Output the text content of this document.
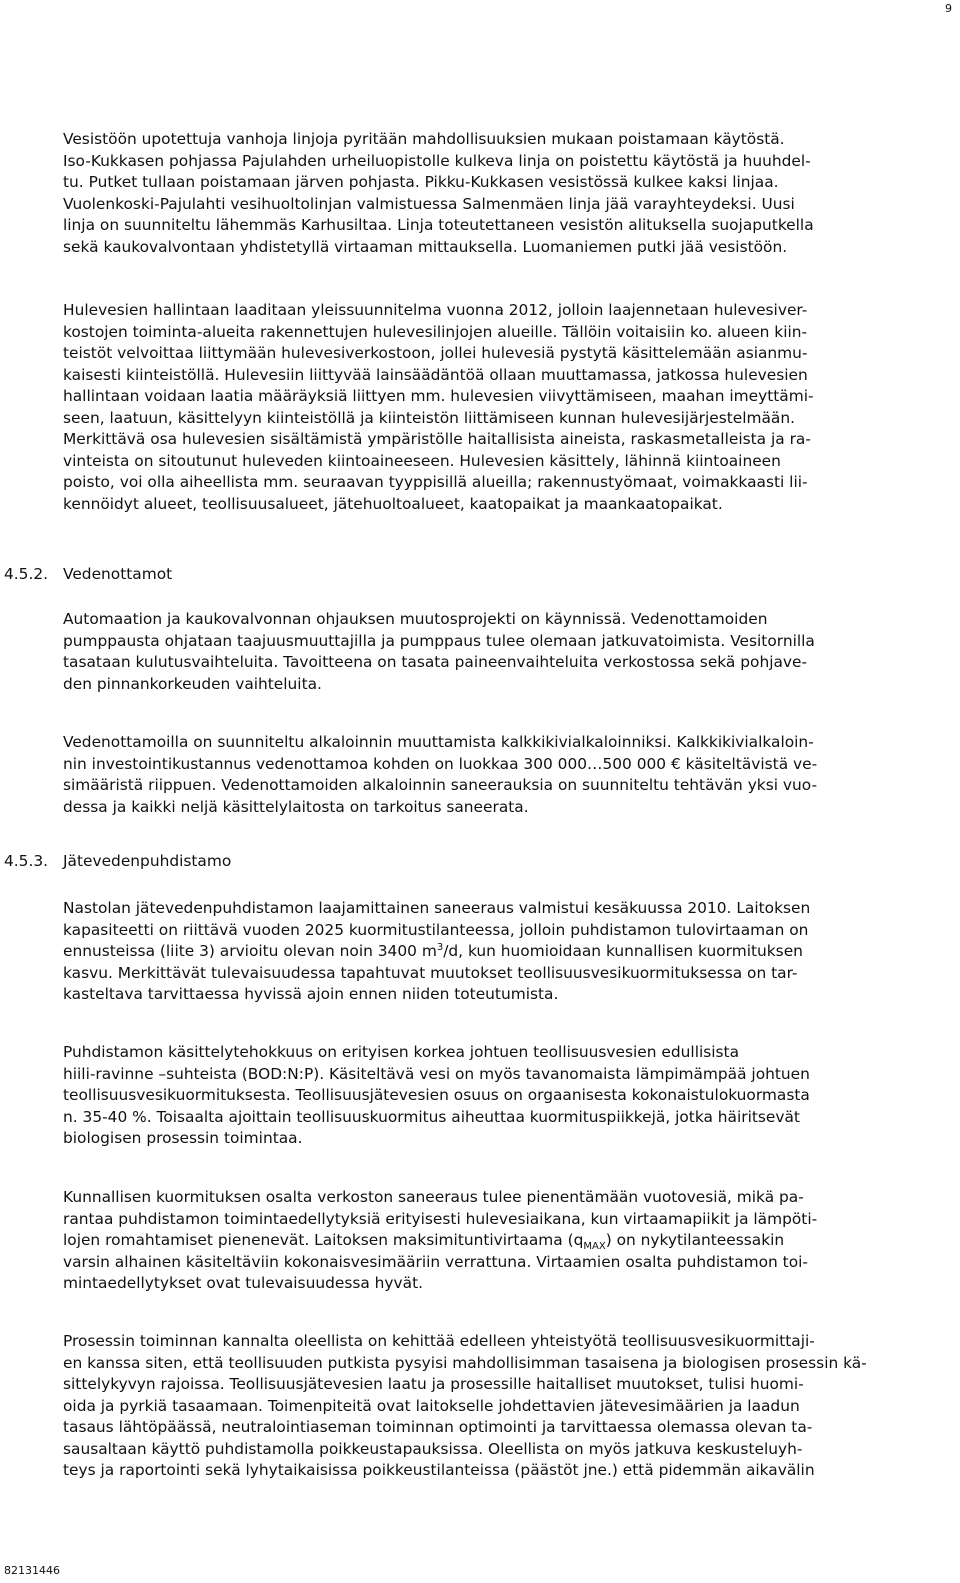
9

Vesistöön upotettuja vanhoja linjoja pyritään mahdollisuuksien mukaan poistamaan käytöstä.
Iso-Kukkasen pohjassa Pajulahden urheiluopistolle kulkeva linja on poistettu käytöstä ja huuhdel-
tu. Putket tullaan poistamaan järven pohjasta. Pikku-Kukkasen vesistössä kulkee kaksi linjaa.
Vuolenkoski-Pajulahti vesihuoltolinjan valmistuessa Salmenmäen linja jää varayhteydeksi. Uusi
linja on suunniteltu lähemmäs Karhusiltaa. Linja toteutettaneen vesistön alituksella suojaputkella
sekä kaukovalvontaan yhdistetyllä virtaaman mittauksella. Luomaniemen putki jää vesistöön.

Hulevesien hallintaan laaditaan yleissuunnitelma vuonna 2012, jolloin laajennetaan hulevesiver-
kostojen toiminta-alueita rakennettujen hulevesilinjojen alueille. Tällöin voitaisiin ko. alueen kiin-
teistöt velvoittaa liittymään hulevesiverkostoon, jollei hulevesiä pystytä käsittelemään asianmu-
kaisesti kiinteistöllä. Hulevesiin liittyvää lainsäädäntöä ollaan muuttamassa, jatkossa hulevesien
hallintaan voidaan laatia määräyksiä liittyen mm. hulevesien viivyttämiseen, maahan imeyttämi-
seen, laatuun, käsittelyyn kiinteistöllä ja kiinteistön liittämiseen kunnan hulevesijärjestelmään.
Merkittävä osa hulevesien sisältämistä ympäristölle haitallisista aineista, raskasmetalleista ja ra-
vinteista on sitoutunut huleveden kiintoaineeseen. Hulevesien käsittely, lähinnä kiintoaineen
poisto, voi olla aiheellista mm. seuraavan tyyppisillä alueilla; rakennustyömaat, voimakkaasti lii-
kennöidyt alueet, teollisuusalueet, jätehuoltoalueet, kaatopaikat ja maankaatopaikat.

4.5.2. Vedenottamot

Automaation ja kaukovalvonnan ohjauksen muutosprojekti on käynnissä. Vedenottamoiden
pumppausta ohjataan taajuusmuuttajilla ja pumppaus tulee olemaan jatkuvatoimista. Vesitornilla
tasataan kulutusvaihteluita. Tavoitteena on tasata paineenvaihteluita verkostossa sekä pohjave-
den pinnankorkeuden vaihteluita.

Vedenottamoilla on suunniteltu alkaloinnin muuttamista kalkkikivialkaloinniksi. Kalkkikivialkaloin-
nin investointikustannus vedenottamoa kohden on luokkaa 300 000…500 000 € käsiteltävistä ve-
simääristä riippuen. Vedenottamoiden alkaloinnin saneerauksia on suunniteltu tehtävän yksi vuo-
dessa ja kaikki neljä käsittelylaitosta on tarkoitus saneerata.

4.5.3. Jätevedenpuhdistamo

Nastolan jätevedenpuhdistamon laajamittainen saneeraus valmistui kesäkuussa 2010. Laitoksen
kapasiteetti on riittävä vuoden 2025 kuormitustilanteessa, jolloin puhdistamon tulovirtaaman on
ennusteissa (liite 3) arvioitu olevan noin 3400 $m^3/d$, kun huomioidaan kunnallisen kuormituksen
kasvu. Merkittävät tulevaisuudessa tapahtuvat muutokset teollisuusvesikuormituksessa on tar-
kasteltava tarvittaessa hyvissä ajoin ennen niiden toteutumista.

Puhdistamon käsittelytehokkuus on erityisen korkea johtuen teollisuusvesien edullisista
hiili-ravinne –suhteista (BOD:N:P). Käsiteltävä vesi on myös tavanomaista lämpimämpää johtuen
teollisuusvesikuormituksesta. Teollisuusjätevesien osuus on orgaanisesta kokonaistulokuormasta
n. 35-40 %. Toisaalta ajoittain teollisuuskuormitus aiheuttaa kuormituspiikkejä, jotka häiritsevät
biologisen prosessin toimintaa.

Kunnallisen kuormituksen osalta verkoston saneeraus tulee pienentämään vuotovesiä, mikä pa-
rantaa puhdistamon toimintaedellytyksiä erityisesti hulevesiaikana, kun virtaamapiikit ja lämpöti-
lojen romahtamiset pienenevät. Laitoksen maksimituntivirtaama $(q_{MAX})$ on nykytilanteessakin
varsin alhainen käsiteltäviin kokonaisvesimääriin verrattuna. Virtaamien osalta puhdistamon toi-
mintaedellytykset ovat tulevaisuudessa hyvät.

Prosessin toiminnan kannalta oleellista on kehittää edelleen yhteistyötä teollisuusvesikuormittaji-
en kanssa siten, että teollisuuden putkista pysyisi mahdollisimman tasaisena ja biologisen prosessin kä-
sittelykyvyn rajoissa. Teollisuusjätevesien laatu ja prosessille haitalliset muutokset, tulisi huomi-
oida ja pyrkiä tasaamaan. Toimenpiteitä ovat laitokselle johdettavien jätevesimäärien ja laadun
tasaus lähtöpäässä, neutralointiaseman toiminnan optimointi ja tarvittaessa olemassa olevan ta-
sausaltaan käyttö puhdistamolla poikkeustapauksissa. Oleellista on myös jatkuva keskusteluyh-
teys ja raportointi sekä lyhytaikaisissa poikkeustilanteissa (päästöt jne.) että pidemmän aikavälin

82131446
